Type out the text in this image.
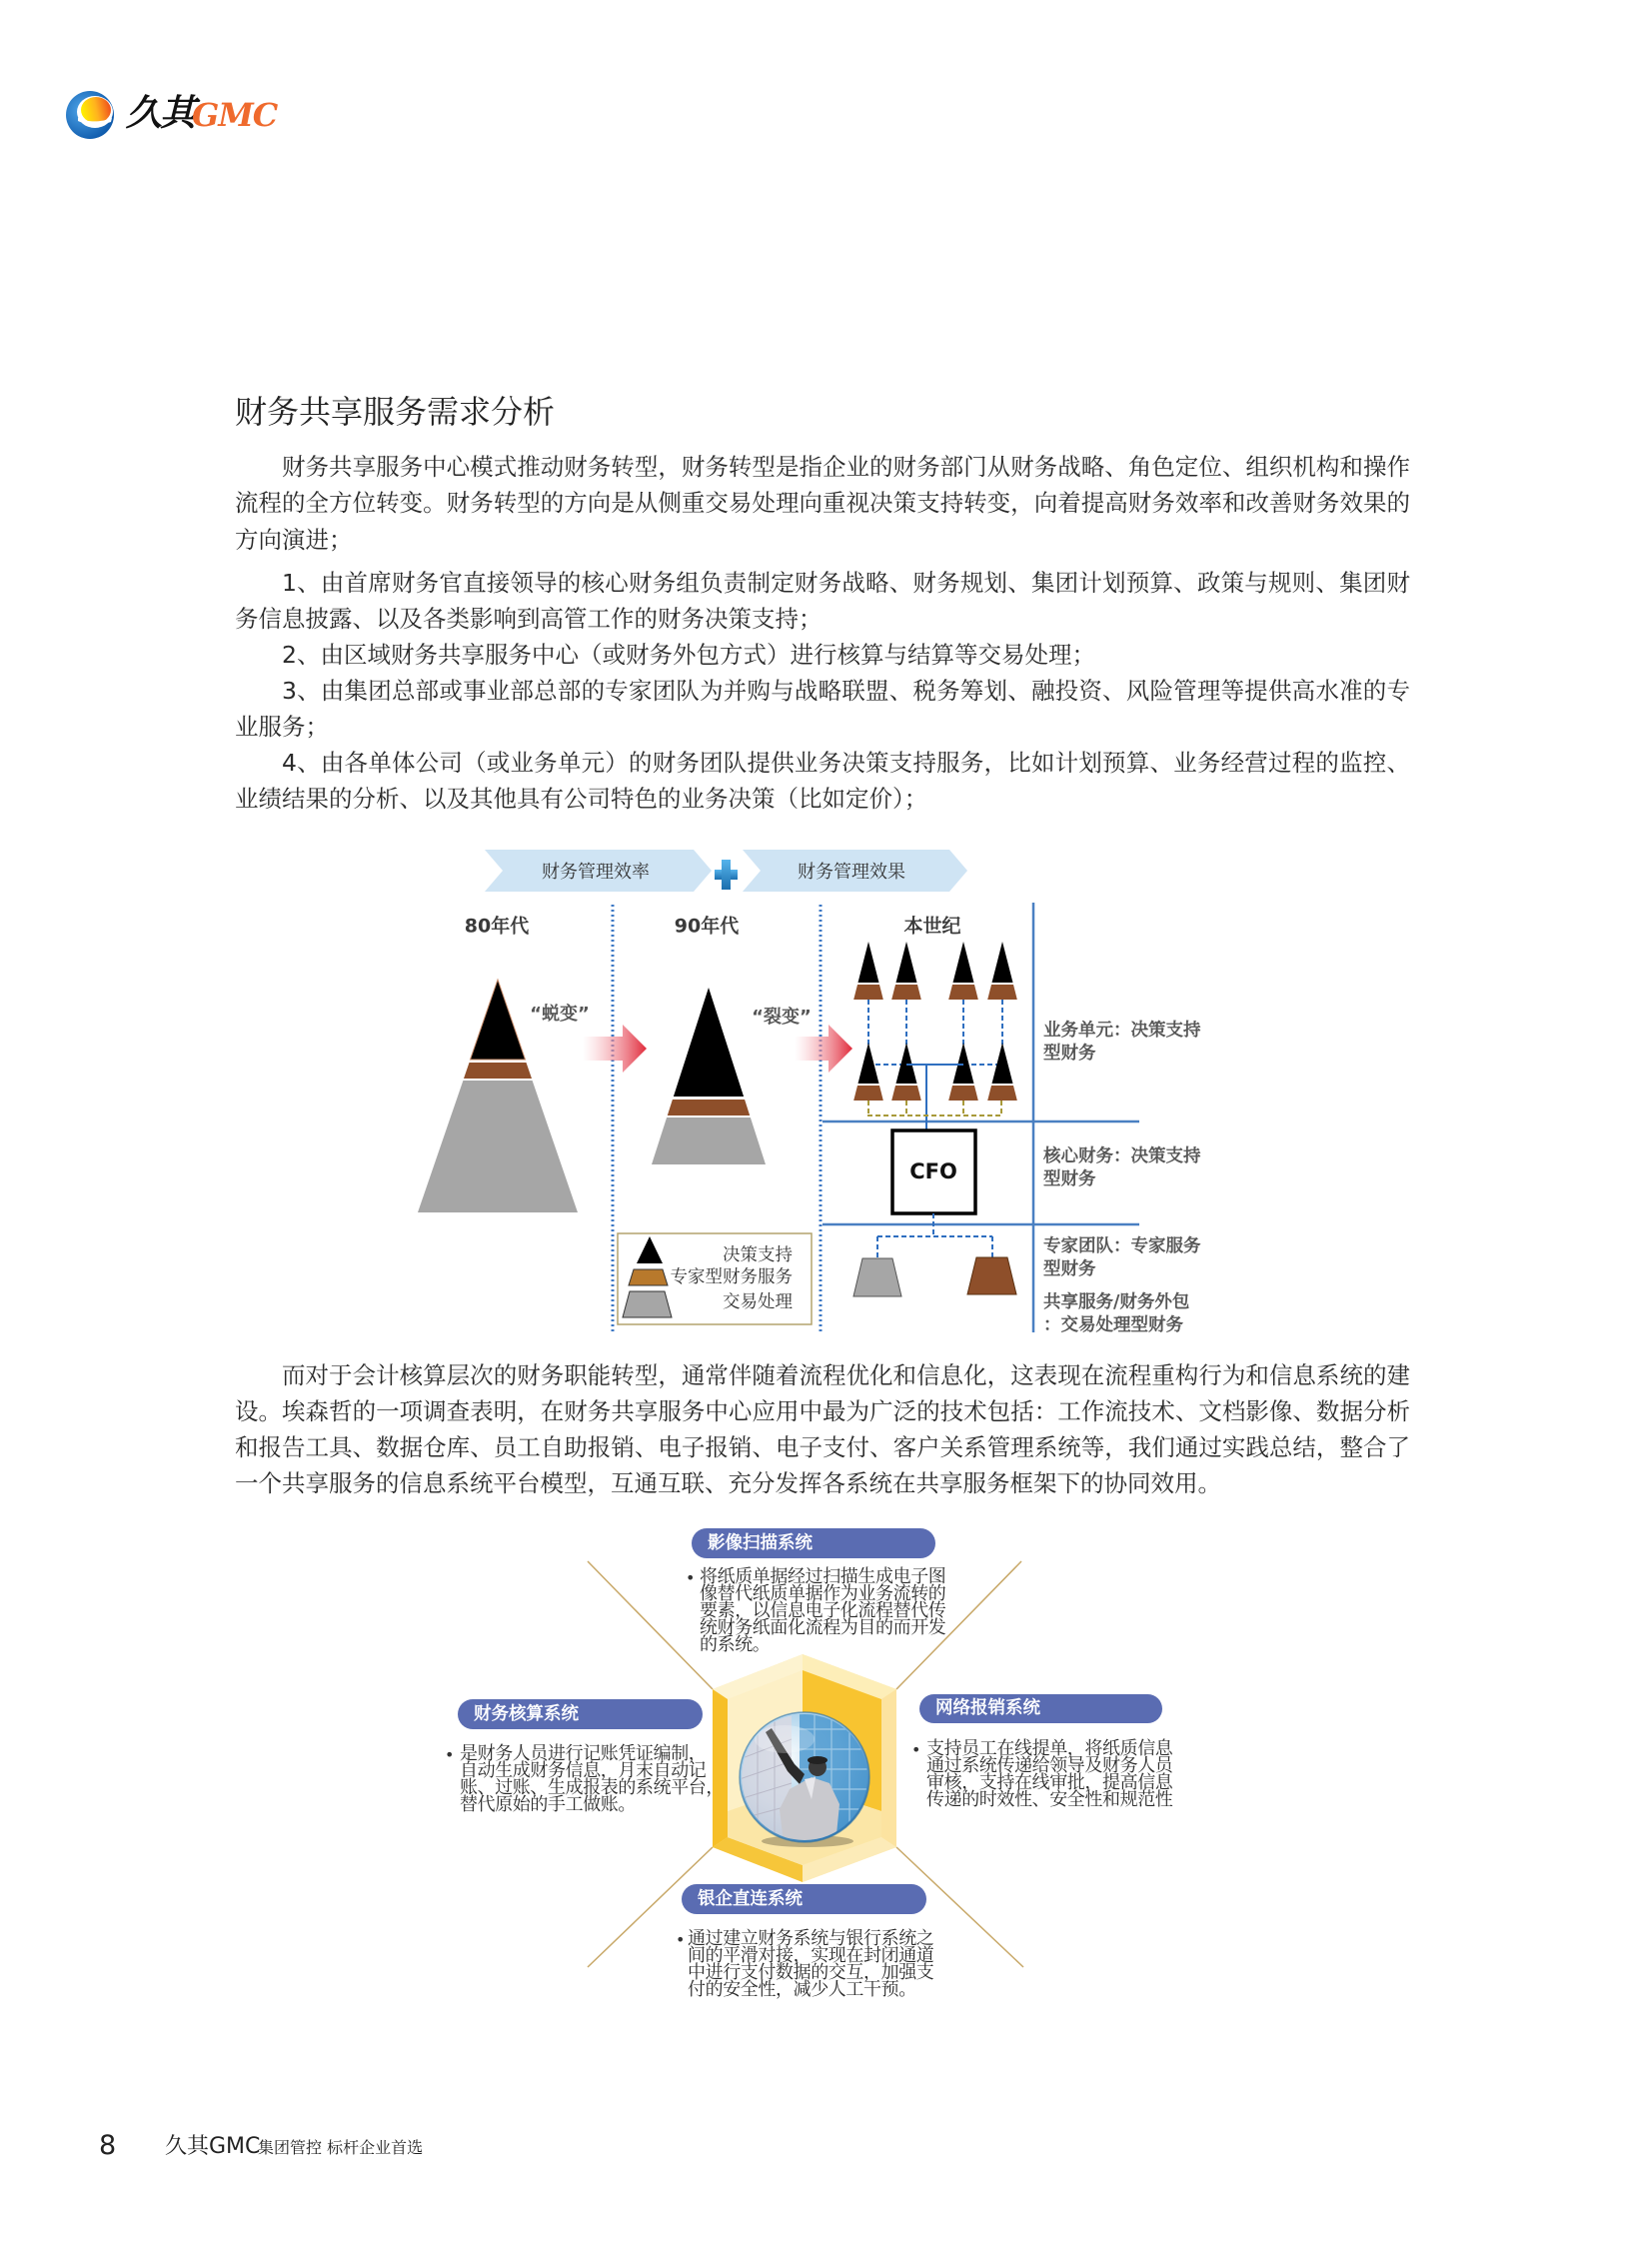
久其
GMC
财务共享服务需求分析
财务共享服务中心模式推动财务转型，财务转型是指企业的财务部门从财务战略、角色定位、组织机构和操作
流程的全方位转变。财务转型的方向是从侧重交易处理向重视决策支持转变，向着提高财务效率和改善财务效果的
方向演进；
1、由首席财务官直接领导的核心财务组负责制定财务战略、财务规划、集团计划预算、政策与规则、集团财
务信息披露、以及各类影响到高管工作的财务决策支持；
2、由区域财务共享服务中心（或财务外包方式）进行核算与结算等交易处理；
3、由集团总部或事业部总部的专家团队为并购与战略联盟、税务筹划、融投资、风险管理等提供高水准的专
业服务；
4、由各单体公司（或业务单元）的财务团队提供业务决策支持服务，比如计划预算、业务经营过程的监控、
业绩结果的分析、以及其他具有公司特色的业务决策（比如定价）；
财务管理效率	财务管理效果
80年代	90年代	本世纪
“蜕变”	“裂变”
CFO
业务单元：决策支持
型财务
核心财务：决策支持
型财务
专家团队：专家服务
型财务
共享服务/财务外包
：交易处理型财务
决策支持
专家型财务服务
交易处理
而对于会计核算层次的财务职能转型，通常伴随着流程优化和信息化，这表现在流程重构行为和信息系统的建
设。埃森哲的一项调查表明，在财务共享服务中心应用中最为广泛的技术包括：工作流技术、文档影像、数据分析
和报告工具、数据仓库、员工自助报销、电子报销、电子支付、客户关系管理系统等，我们通过实践总结，整合了
一个共享服务的信息系统平台模型，互通互联、充分发挥各系统在共享服务框架下的协同效用。
影像扫描系统
• 将纸质单据经过扫描生成电子图
像替代纸质单据作为业务流转的
要素，以信息电子化流程替代传
统财务纸面化流程为目的而开发
的系统。
财务核算系统
• 是财务人员进行记账凭证编制，
自动生成财务信息，月末自动记
账、过账、生成报表的系统平台，
替代原始的手工做账。
网络报销系统
• 支持员工在线提单，将纸质信息
通过系统传递给领导及财务人员
审核，支持在线审批，提高信息
传递的时效性、安全性和规范性
银企直连系统
• 通过建立财务系统与银行系统之
间的平滑对接，实现在封闭通道
中进行支付数据的交互，加强支
付的安全性，减少人工干预。
8 久其GMC
集团管控 标杆企业首选
